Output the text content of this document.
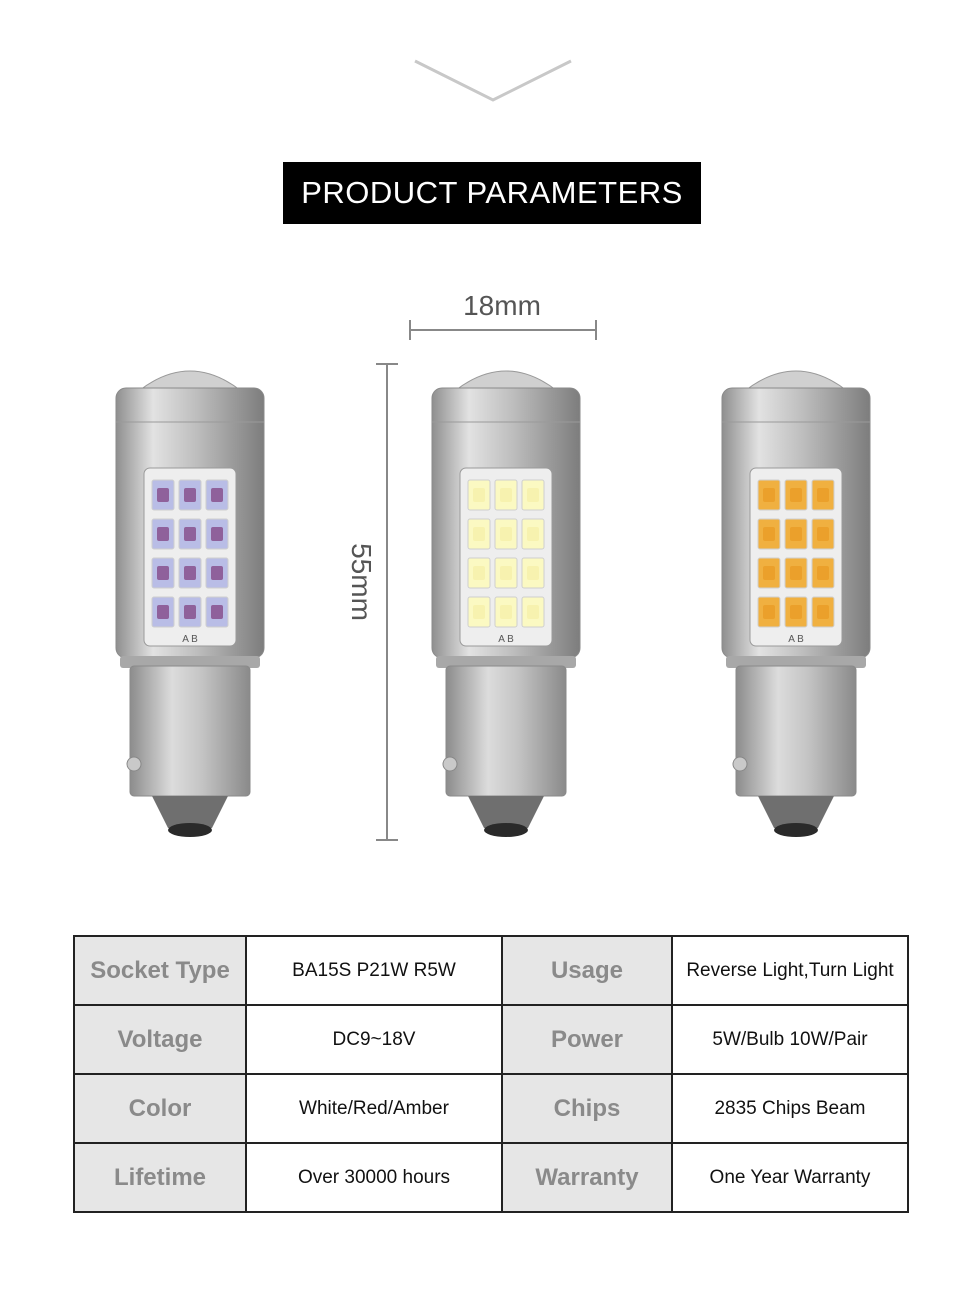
PRODUCT PARAMETERS
18mm
55mm
A B	A B	A B
Socket Type	BA15S P21W R5W	Usage	Reverse Light,Turn Light
Voltage	DC9~18V	Power	5W/Bulb 10W/Pair
Color	White/Red/Amber	Chips	2835 Chips Beam
Lifetime	Over 30000 hours	Warranty	One Year Warranty
